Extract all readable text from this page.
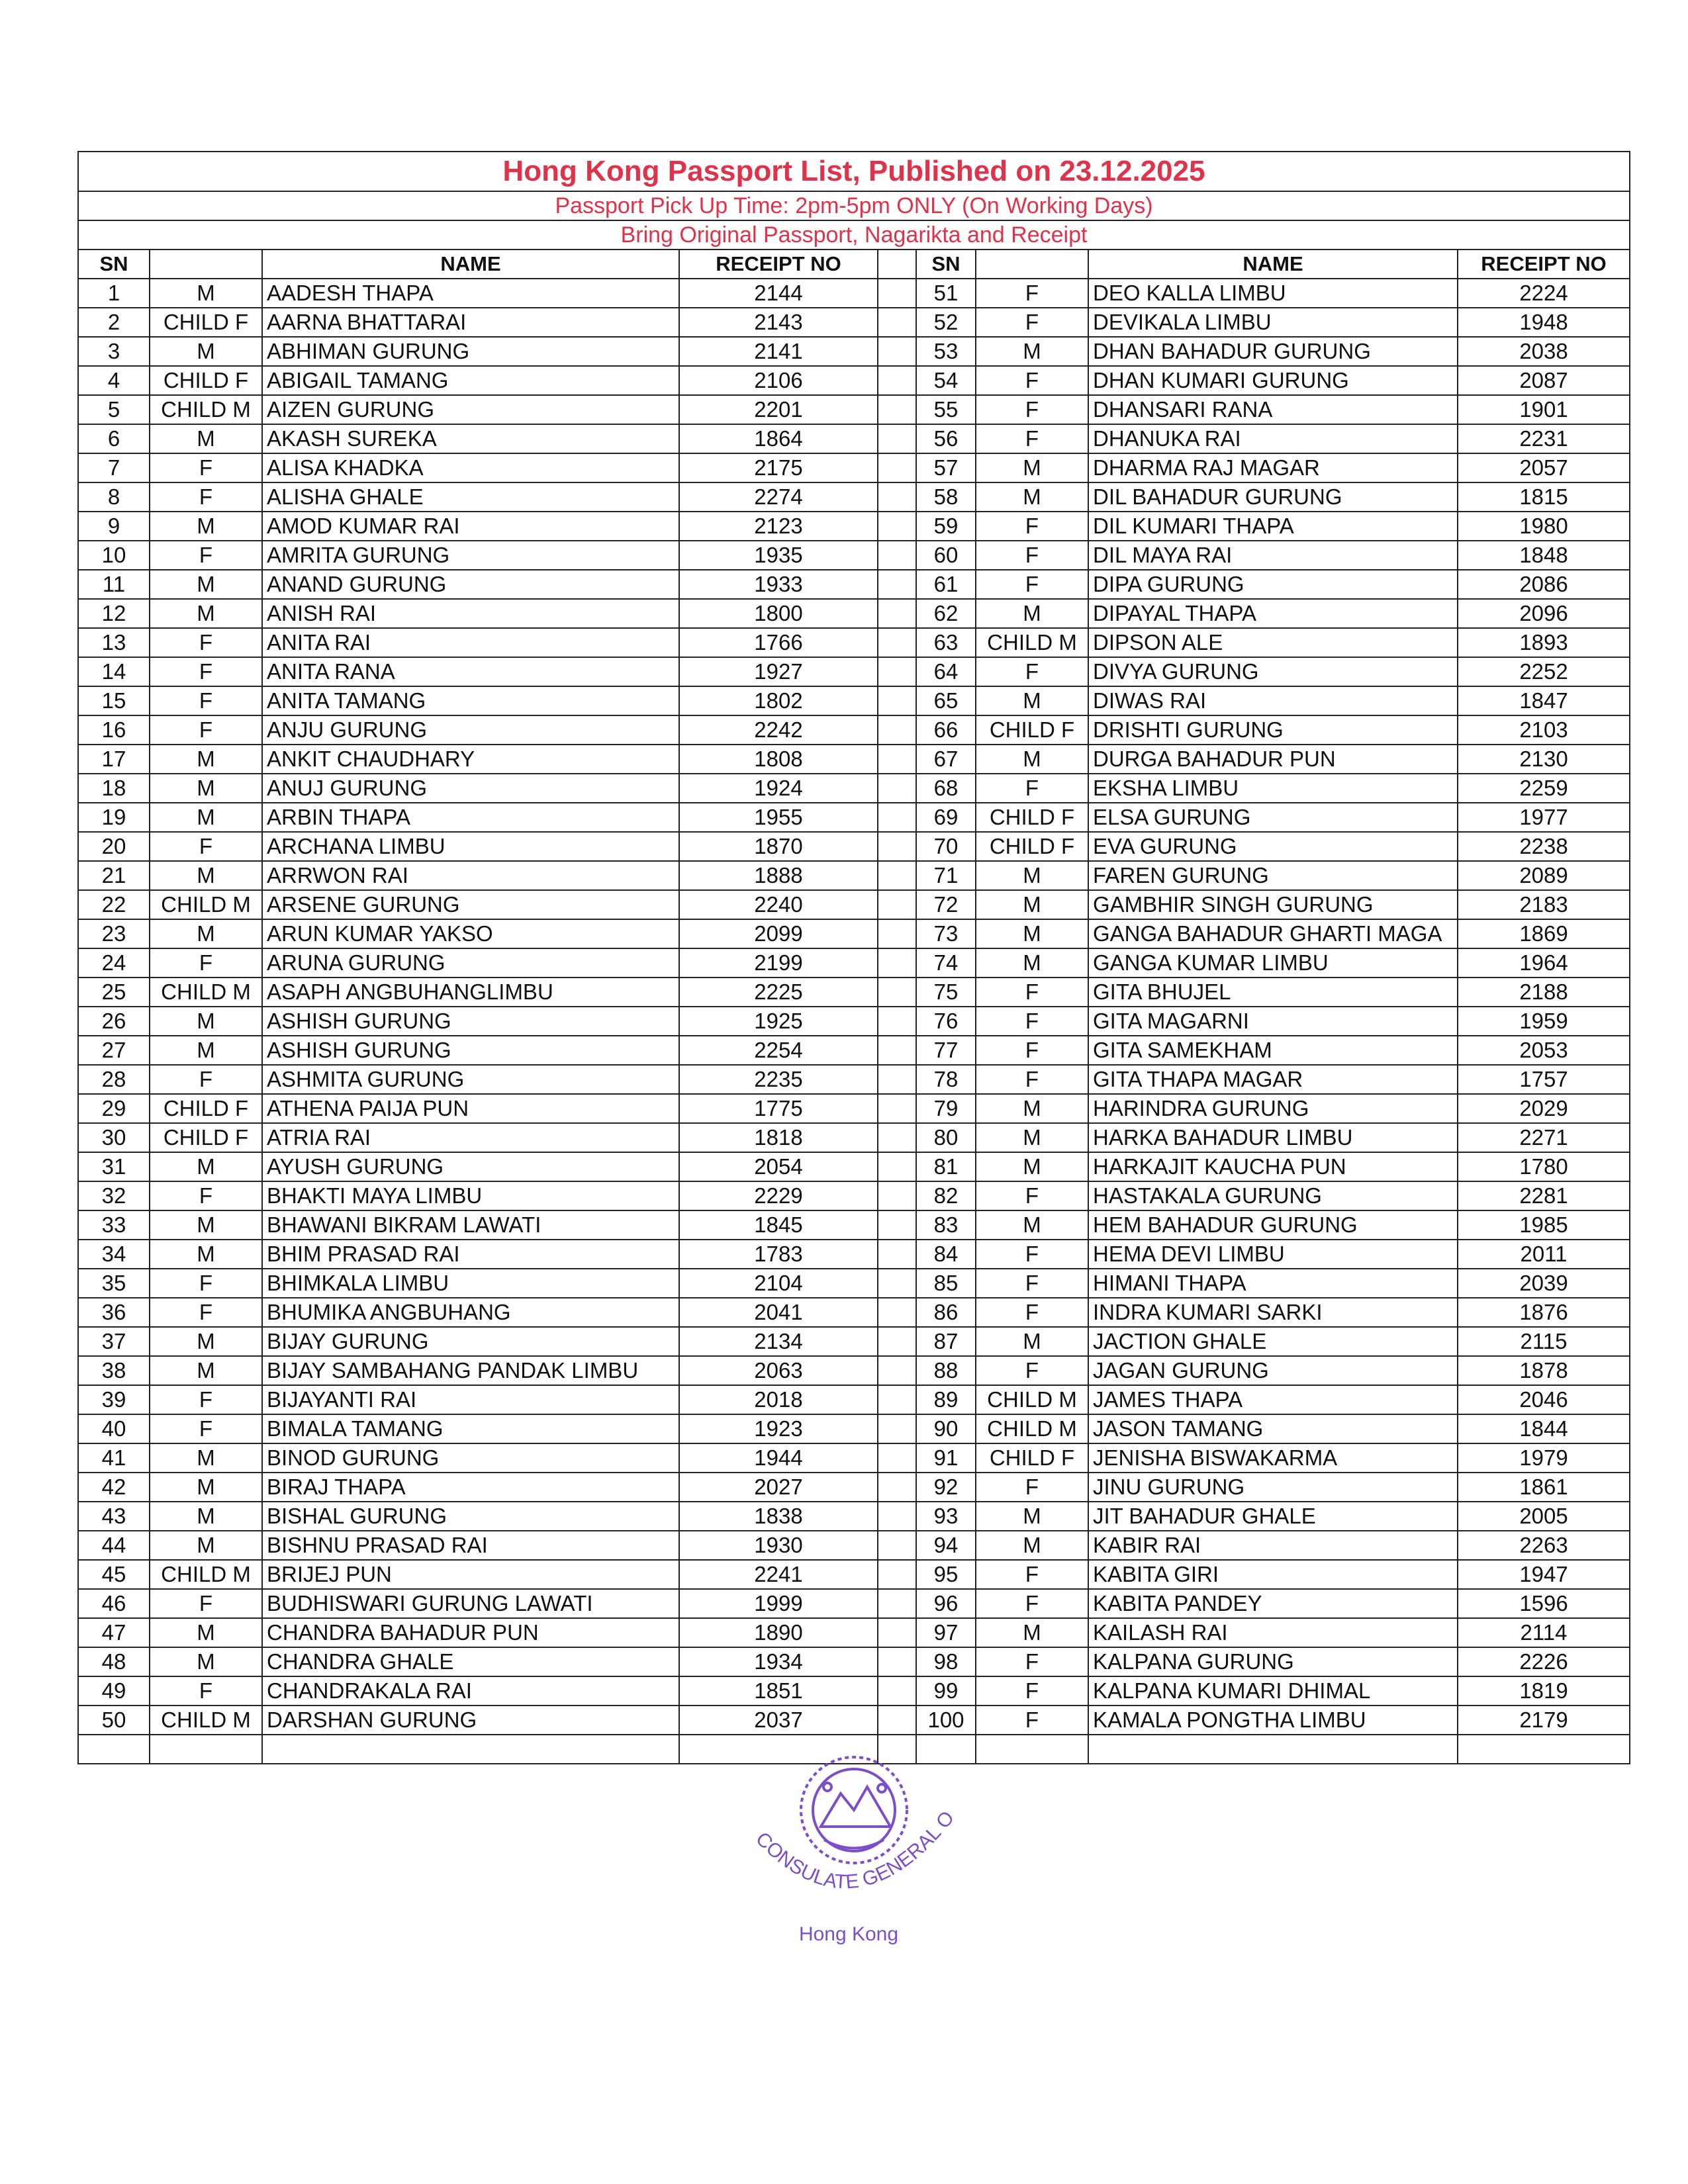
Hong Kong Passport List, Published on 23.12.2025								
Passport Pick Up Time: 2pm-5pm ONLY (On Working Days)								
Bring Original Passport, Nagarikta and Receipt								
SN		NAME	RECEIPT NO		SN		NAME	RECEIPT NO
1	M	AADESH THAPA	2144		51	F	DEO KALLA LIMBU	2224
2	CHILD F	AARNA BHATTARAI	2143		52	F	DEVIKALA LIMBU	1948
3	M	ABHIMAN GURUNG	2141		53	M	DHAN BAHADUR GURUNG	2038
4	CHILD F	ABIGAIL TAMANG	2106		54	F	DHAN KUMARI GURUNG	2087
5	CHILD M	AIZEN GURUNG	2201		55	F	DHANSARI RANA	1901
6	M	AKASH SUREKA	1864		56	F	DHANUKA RAI	2231
7	F	ALISA KHADKA	2175		57	M	DHARMA RAJ MAGAR	2057
8	F	ALISHA GHALE	2274		58	M	DIL BAHADUR GURUNG	1815
9	M	AMOD KUMAR RAI	2123		59	F	DIL KUMARI THAPA	1980
10	F	AMRITA GURUNG	1935		60	F	DIL MAYA RAI	1848
11	M	ANAND GURUNG	1933		61	F	DIPA GURUNG	2086
12	M	ANISH RAI	1800		62	M	DIPAYAL THAPA	2096
13	F	ANITA RAI	1766		63	CHILD M	DIPSON ALE	1893
14	F	ANITA RANA	1927		64	F	DIVYA GURUNG	2252
15	F	ANITA TAMANG	1802		65	M	DIWAS RAI	1847
16	F	ANJU GURUNG	2242		66	CHILD F	DRISHTI GURUNG	2103
17	M	ANKIT CHAUDHARY	1808		67	M	DURGA BAHADUR PUN	2130
18	M	ANUJ GURUNG	1924		68	F	EKSHA LIMBU	2259
19	M	ARBIN THAPA	1955		69	CHILD F	ELSA GURUNG	1977
20	F	ARCHANA LIMBU	1870		70	CHILD F	EVA GURUNG	2238
21	M	ARRWON RAI	1888		71	M	FAREN GURUNG	2089
22	CHILD M	ARSENE GURUNG	2240		72	M	GAMBHIR SINGH GURUNG	2183
23	M	ARUN KUMAR YAKSO	2099		73	M	GANGA BAHADUR GHARTI MAGA	1869
24	F	ARUNA GURUNG	2199		74	M	GANGA KUMAR LIMBU	1964
25	CHILD M	ASAPH ANGBUHANGLIMBU	2225		75	F	GITA BHUJEL	2188
26	M	ASHISH GURUNG	1925		76	F	GITA MAGARNI	1959
27	M	ASHISH GURUNG	2254		77	F	GITA SAMEKHAM	2053
28	F	ASHMITA GURUNG	2235		78	F	GITA THAPA MAGAR	1757
29	CHILD F	ATHENA PAIJA PUN	1775		79	M	HARINDRA GURUNG	2029
30	CHILD F	ATRIA RAI	1818		80	M	HARKA BAHADUR LIMBU	2271
31	M	AYUSH GURUNG	2054		81	M	HARKAJIT KAUCHA PUN	1780
32	F	BHAKTI MAYA LIMBU	2229		82	F	HASTAKALA GURUNG	2281
33	M	BHAWANI BIKRAM LAWATI	1845		83	M	HEM BAHADUR GURUNG	1985
34	M	BHIM PRASAD RAI	1783		84	F	HEMA DEVI LIMBU	2011
35	F	BHIMKALA LIMBU	2104		85	F	HIMANI THAPA	2039
36	F	BHUMIKA ANGBUHANG	2041		86	F	INDRA KUMARI SARKI	1876
37	M	BIJAY GURUNG	2134		87	M	JACTION GHALE	2115
38	M	BIJAY SAMBAHANG PANDAK LIMBU	2063		88	F	JAGAN GURUNG	1878
39	F	BIJAYANTI RAI	2018		89	CHILD M	JAMES THAPA	2046
40	F	BIMALA TAMANG	1923		90	CHILD M	JASON TAMANG	1844
41	M	BINOD GURUNG	1944		91	CHILD F	JENISHA BISWAKARMA	1979
42	M	BIRAJ THAPA	2027		92	F	JINU GURUNG	1861
43	M	BISHAL GURUNG	1838		93	M	JIT BAHADUR GHALE	2005
44	M	BISHNU PRASAD RAI	1930		94	M	KABIR RAI	2263
45	CHILD M	BRIJEJ PUN	2241		95	F	KABITA GIRI	1947
46	F	BUDHISWARI GURUNG LAWATI	1999		96	F	KABITA PANDEY	1596
47	M	CHANDRA BAHADUR PUN	1890		97	M	KAILASH RAI	2114
48	M	CHANDRA GHALE	1934		98	F	KALPANA GURUNG	2226
49	F	CHANDRAKALA RAI	1851		99	F	KALPANA KUMARI DHIMAL	1819
50	CHILD M	DARSHAN GURUNG	2037		100	F	KAMALA PONGTHA LIMBU	2179

CONSULATE GENERAL O
Hong Kong
